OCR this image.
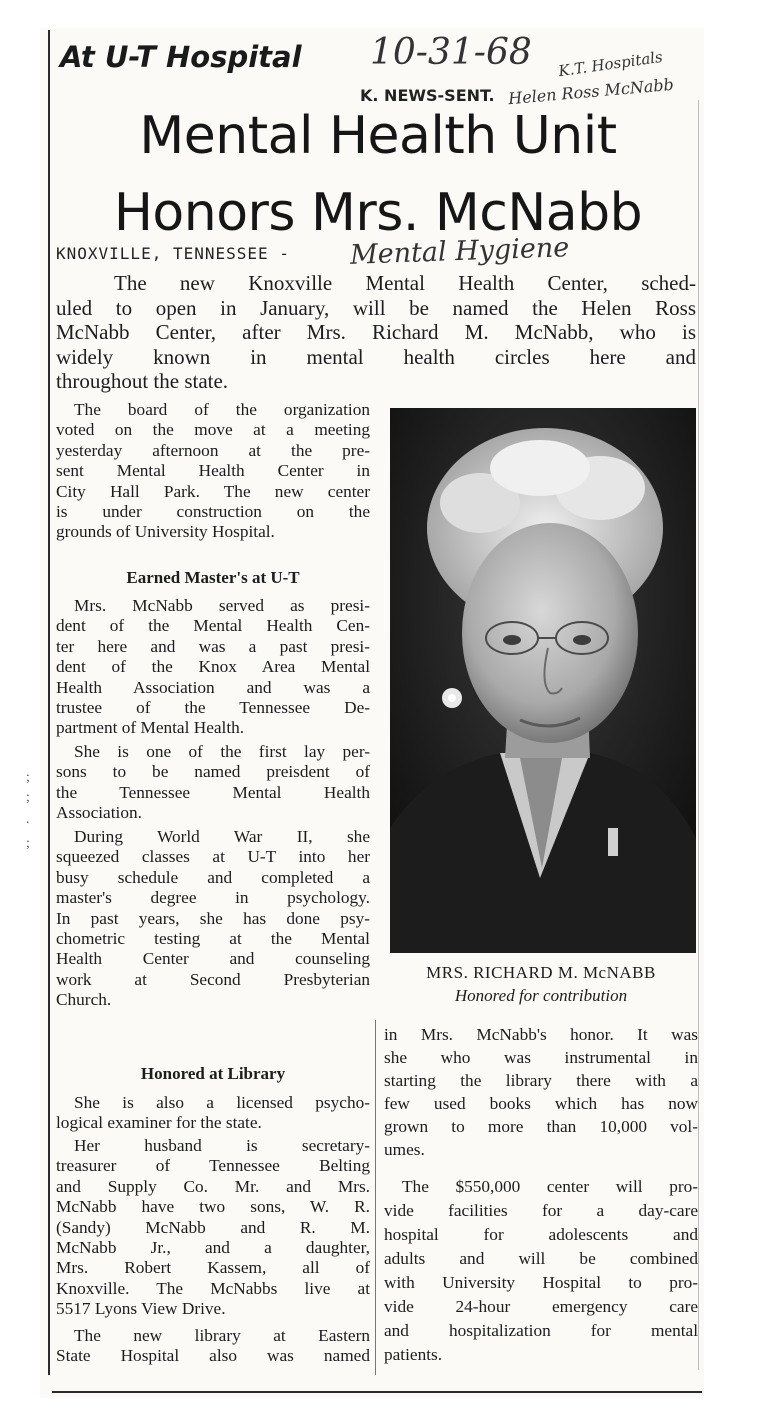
At U-T Hospital 10-31-68 K.T. Hospitals
Helen Ross McNabb
K. NEWS-SENT.
Mental Health Unit
Honors Mrs. McNabb
KNOXVILLE, TENNESSEE - Mental Hygiene
The new Knoxville Mental Health Center, sched-
uled to open in January, will be named the Helen Ross
McNabb Center, after Mrs. Richard M. McNabb, who is
widely known in mental health circles here and
throughout the state.
The board of the organization
voted on the move at a meeting
yesterday afternoon at the pre-
sent Mental Health Center in
City Hall Park. The new center
is under construction on the
grounds of University Hospital.
Earned Master's at U-T
Mrs. McNabb served as presi-
dent of the Mental Health Cen-
ter here and was a past presi-
dent of the Knox Area Mental
Health Association and was a
trustee of the Tennessee De-
partment of Mental Health.
She is one of the first lay per-
sons to be named preisdent of
the Tennessee Mental Health
Association.
During World War II, she
squeezed classes at U-T into her
busy schedule and completed a
master's degree in psychology.
In past years, she has done psy-
chometric testing at the Mental
Health Center and counseling
work at Second Presbyterian
Church.
Honored at Library
She is also a licensed psycho-
logical examiner for the state.
Her husband is secretary-
treasurer of Tennessee Belting
and Supply Co. Mr. and Mrs.
McNabb have two sons, W. R.
(Sandy) McNabb and R. M.
McNabb Jr., and a daughter,
Mrs. Robert Kassem, all of
Knoxville. The McNabbs live at
5517 Lyons View Drive.
The new library at Eastern
State Hospital also was named
MRS. RICHARD M. McNABB
Honored for contribution
in Mrs. McNabb's honor. It was
she who was instrumental in
starting the library there with a
few used books which has now
grown to more than 10,000 vol-
umes.
The $550,000 center will pro-
vide facilities for a day-care
hospital for adolescents and
adults and will be combined
with University Hospital to pro-
vide 24-hour emergency care
and hospitalization for mental
patients.
;
;
.
;
